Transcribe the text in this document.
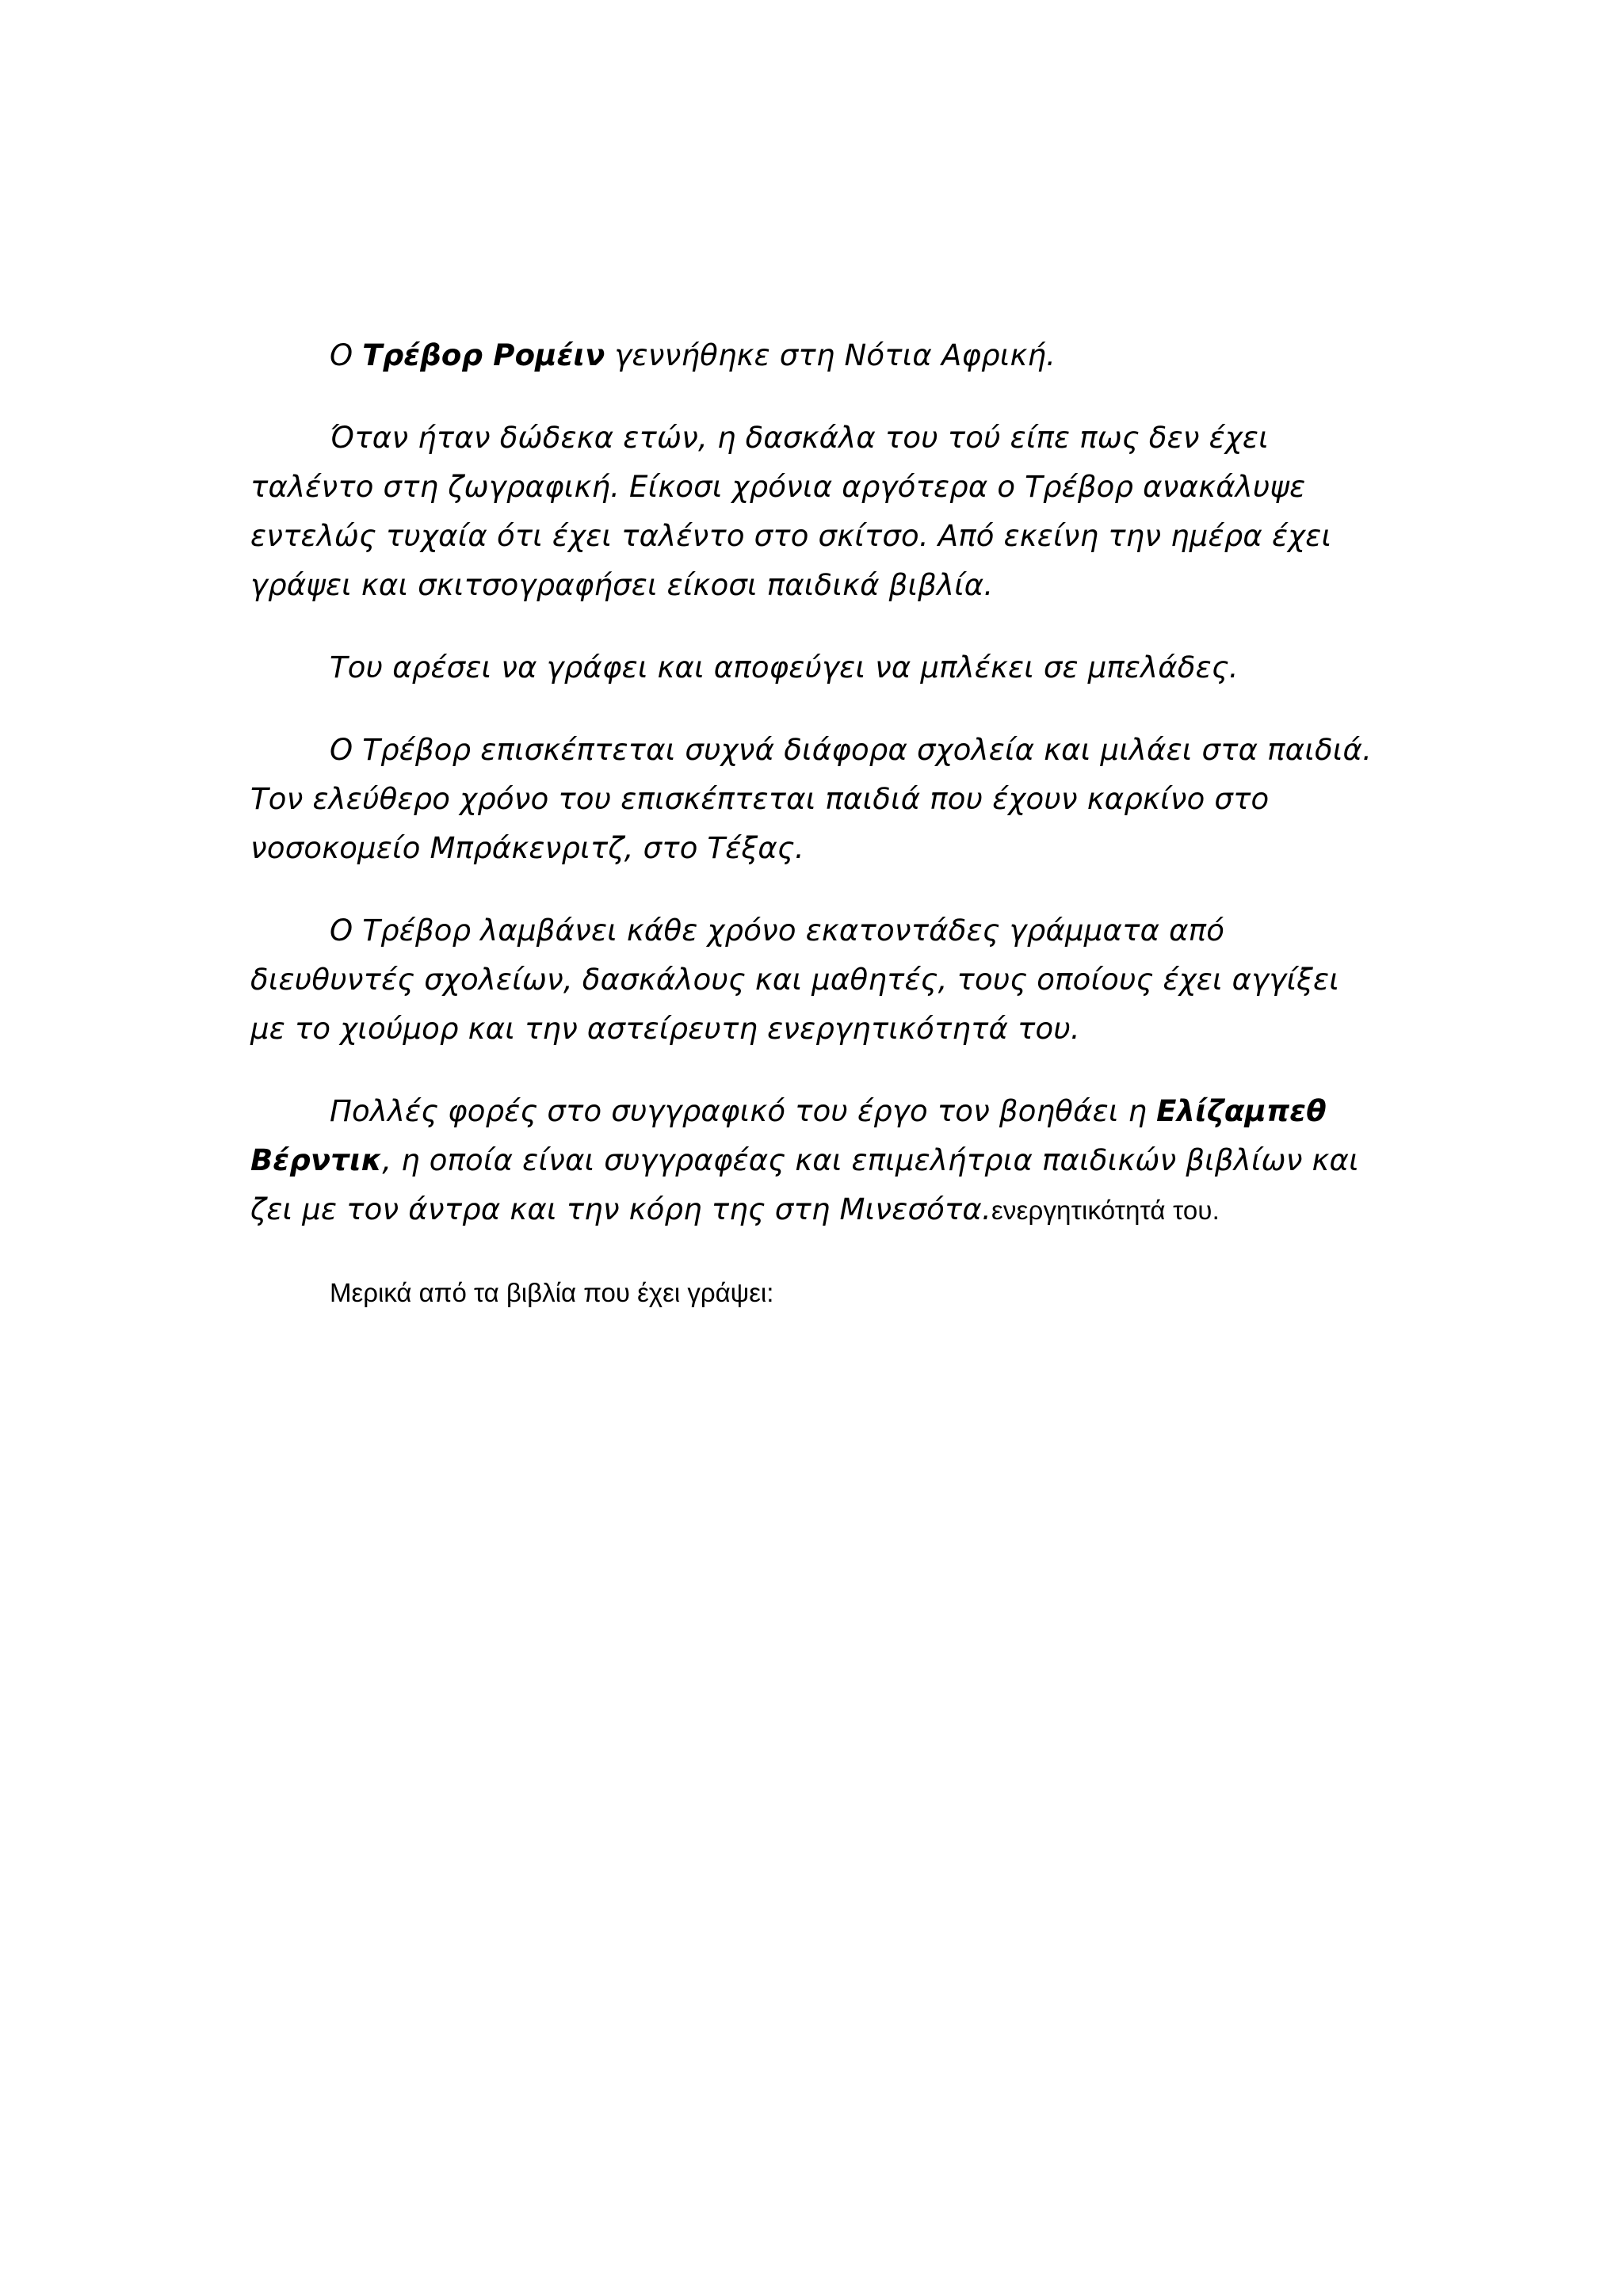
Ο Τρέβορ Ρομέιν γεννήθηκε στη Νότια Αφρική.

Όταν ήταν δώδεκα ετών, η δασκάλα του τού είπε πως δεν έχει ταλέντο στη ζωγραφική. Είκοσι χρόνια αργότερα ο Τρέβορ ανακάλυψε εντελώς τυχαία ότι έχει ταλέντο στο σκίτσο. Από εκείνη την ημέρα έχει γράψει και σκιτσογραφήσει είκοσι παιδικά βιβλία.

Του αρέσει να γράφει και αποφεύγει να μπλέκει σε μπελάδες.

Ο Τρέβορ επισκέπτεται συχνά διάφορα σχολεία και μιλάει στα παιδιά. Τον ελεύθερο χρόνο του επισκέπτεται παιδιά που έχουν καρκίνο στο νοσοκομείο Μπράκενριτζ, στο Τέξας.

Ο Τρέβορ λαμβάνει κάθε χρόνο εκατοντάδες γράμματα από διευθυντές σχολείων, δασκάλους και μαθητές, τους οποίους έχει αγγίξει με το χιούμορ και την αστείρευτη ενεργητικότητά του.

Πολλές φορές στο συγγραφικό του έργο τον βοηθάει η Ελίζαμπεθ Βέρντικ, η οποία είναι συγγραφέας και επιμελήτρια παιδικών βιβλίων και ζει με τον άντρα και την κόρη της στη Μινεσότα.ενεργητικότητά του.

Μερικά από τα βιβλία που έχει γράψει:
